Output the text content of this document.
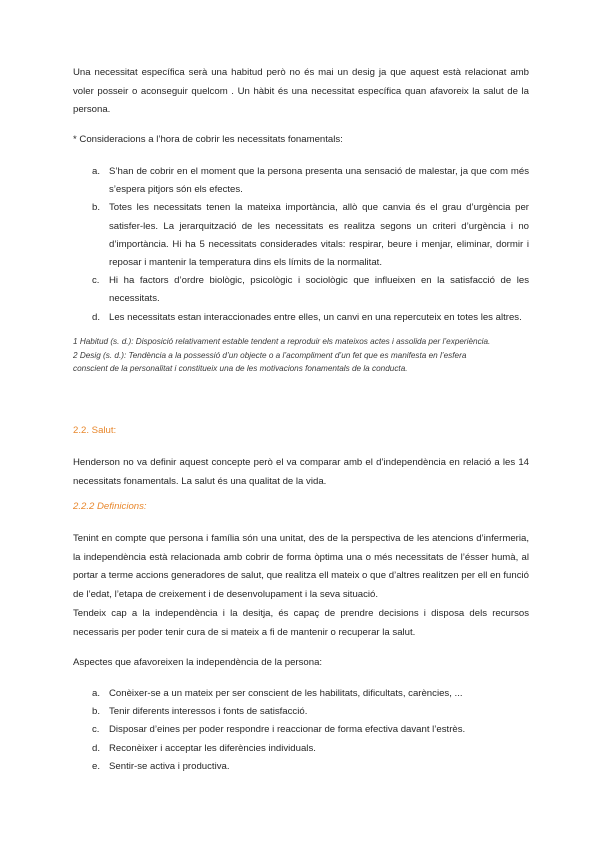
Una necessitat específica serà una habitud però no és mai un desig ja que aquest està relacionat amb voler posseir o aconseguir quelcom . Un hàbit és una necessitat específica quan afavoreix la salut de la persona.

* Consideracions a l’hora de cobrir les necessitats fonamentals:

a. S’han de cobrir en el moment que la persona presenta una sensació de malestar, ja que com més s’espera pitjors són els efectes.
b. Totes les necessitats tenen la mateixa importància, allò que canvia és el grau d’urgència per satisfer-les. La jerarquització de les necessitats es realitza segons un criteri d’urgència i no d’importància. Hi ha 5 necessitats considerades vitals: respirar, beure i menjar, eliminar, dormir i reposar i mantenir la temperatura dins els límits de la normalitat.
c. Hi ha factors d’ordre biològic, psicològic i sociològic que influeixen en la satisfacció de les necessitats.
d. Les necessitats estan interaccionades entre elles, un canvi en una repercuteix en totes les altres.
1 Habitud (s. d.): Disposició relativament estable tendent a reproduir els mateixos actes i assolida per l’experiència.
2 Desig (s. d.): Tendència a la possessió d’un objecte o a l’acompliment d’un fet que es manifesta en l’esfera conscient de la personalitat i constitueix una de les motivacions fonamentals de la conducta.
2.2. Salut:

Henderson no va definir aquest concepte però el va comparar amb el d’independència en relació a les 14 necessitats fonamentals. La salut és una qualitat de la vida.

2.2.2 Definicions:

Tenint en compte que persona i família són una unitat, des de la perspectiva de les atencions d’infermeria, la independència està relacionada amb cobrir de forma òptima una o més necessitats de l’ésser humà, al portar a terme accions generadores de salut, que realitza ell mateix o que d’altres realitzen per ell en funció de l’edat, l’etapa de creixement i de desenvolupament i la seva situació.

Tendeix cap a la independència i la desitja, és capaç de prendre decisions i disposa dels recursos necessaris per poder tenir cura de si mateix a fi de mantenir o recuperar la salut.

Aspectes que afavoreixen la independència de la persona:

a. Conèixer-se a un mateix per ser conscient de les habilitats, dificultats, carències, ...
b. Tenir diferents interessos i fonts de satisfacció.
c. Disposar d’eines per poder respondre i reaccionar de forma efectiva davant l’estrès.
d. Reconèixer i acceptar les diferències individuals.
e. Sentir-se activa i productiva.
